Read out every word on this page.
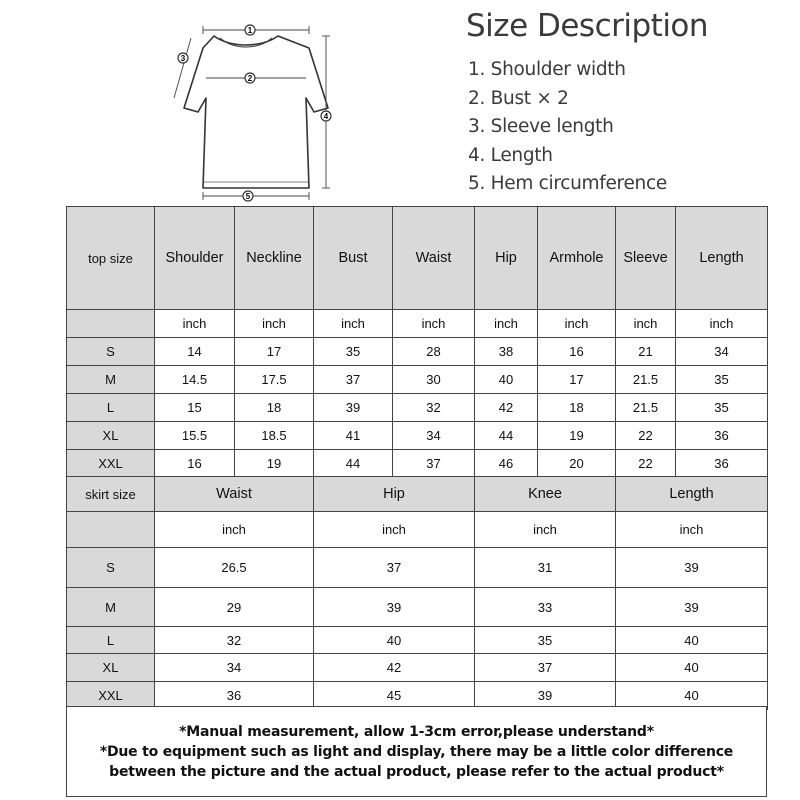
1
2
3
4
5
Size Description
1. Shoulder width
2. Bust × 2
3. Sleeve length
4. Length
5. Hem circumference
top size	Shoulder	Neckline	Bust	Waist	Hip	Armhole	Sleeve	Length
	inch	inch	inch	inch	inch	inch	inch	inch
S	14	17	35	28	38	16	21	34
M	14.5	17.5	37	30	40	17	21.5	35
L	15	18	39	32	42	18	21.5	35
XL	15.5	18.5	41	34	44	19	22	36
XXL	16	19	44	37	46	20	22	36
skirt size	Waist		Hip		Knee		Length	
	inch		inch		inch		inch	
S	26.5		37		31		39	
M	29		39		33		39	
L	32		40		35		40	
XL	34		42		37		40	
XXL	36		45		39		40	
*Manual measurement, allow 1-3cm error,please understand*
*Due to equipment such as light and display, there may be a little color difference
between the picture and the actual product, please refer to the actual product*
